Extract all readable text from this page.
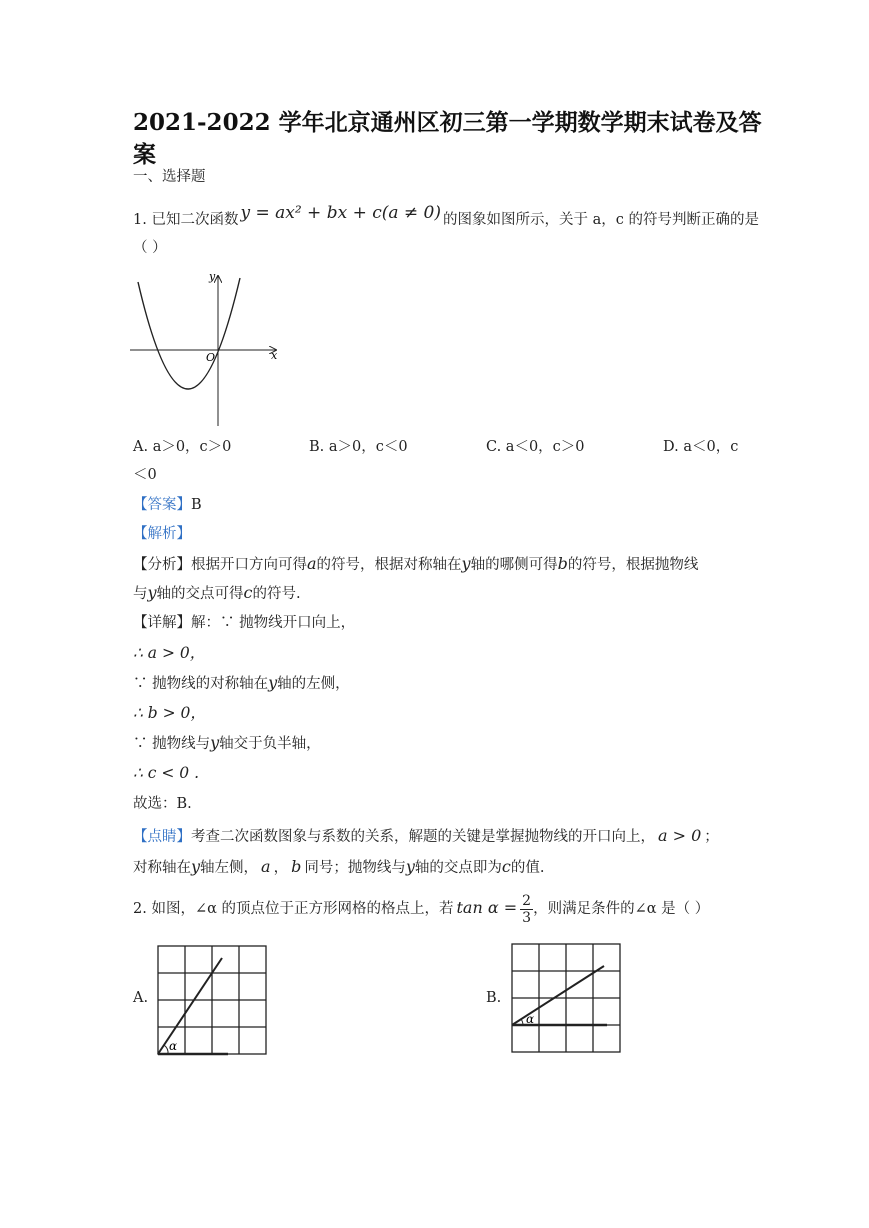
2021-2022 学年北京通州区初三第一学期数学期末试卷及答
案
一、选择题
1. 已知二次函数 y = ax² + bx + c(a ≠ 0) 的图象如图所示，关于 a，c 的符号判断正确的是
（ ）
y
x
O
A. a＞0，c＞0	B. a＞0，c＜0	C. a＜0，c＞0	D. a＜0，c
＜0
【答案】B
【解析】
【分析】根据开口方向可得a的符号，根据对称轴在y轴的哪侧可得b的符号，根据抛物线
与y轴的交点可得c的符号.
【详解】解：∵ 抛物线开口向上，
∴ a > 0，
∵ 抛物线的对称轴在y轴的左侧，
∴ b > 0，
∵ 抛物线与y轴交于负半轴，
∴ c < 0 .
故选：B.
【点睛】考查二次函数图象与系数的关系，解题的关键是掌握抛物线的开口向上， a > 0 ；
对称轴在y轴左侧， a ， b 同号；抛物线与y轴的交点即为c的值.
2. 如图，∠α 的顶点位于正方形网格的格点上，若 $\tan \alpha = \frac{2}{3}$ ，则满足条件的∠α 是（ ）
A.
α
B.
α
